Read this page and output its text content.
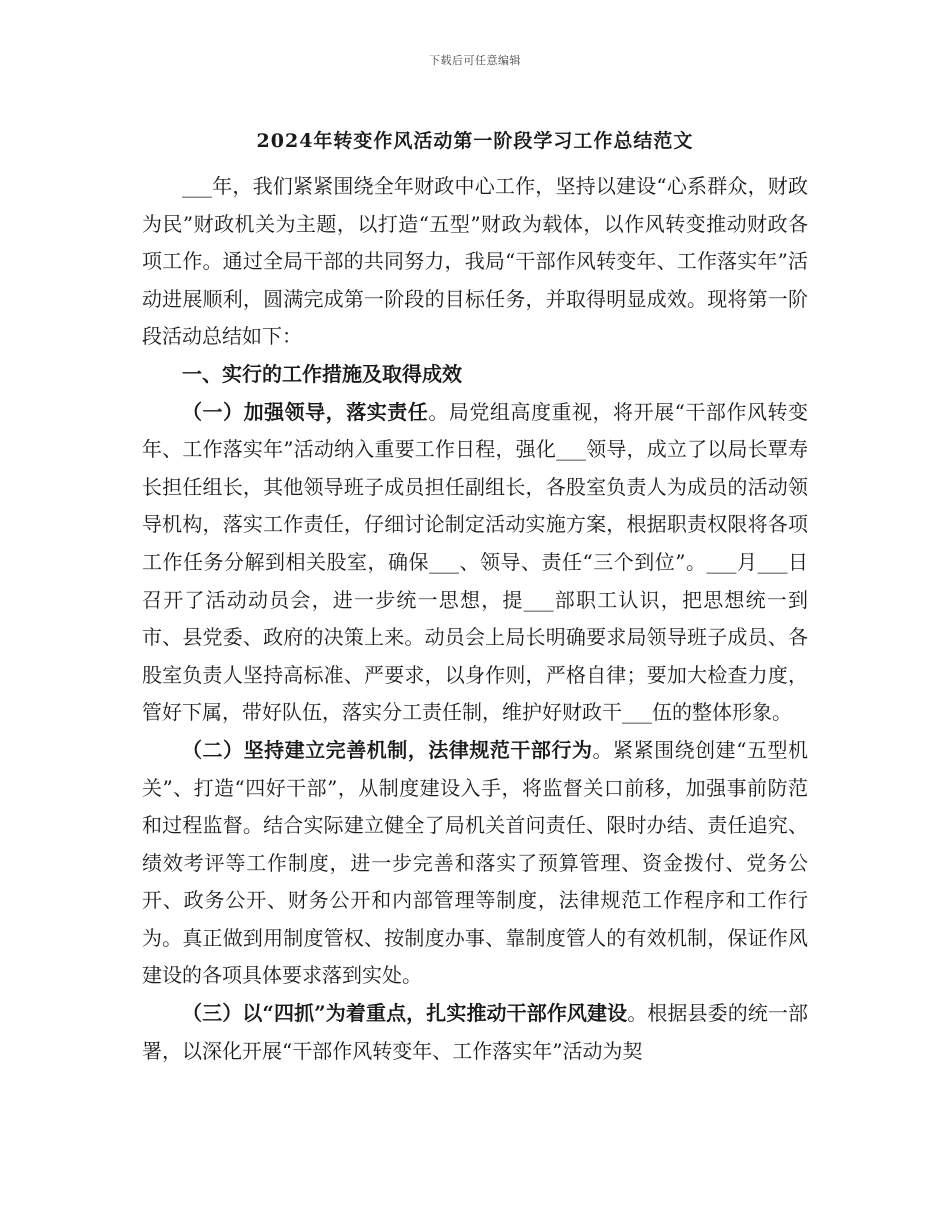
下载后可任意编辑
2024年转变作风活动第一阶段学习工作总结范文

___年，我们紧紧围绕全年财政中心工作，坚持以建设“心系群众，财政为民”财政机关为主题，以打造“五型”财政为载体，以作风转变推动财政各项工作。通过全局干部的共同努力，我局“干部作风转变年、工作落实年”活动进展顺利，圆满完成第一阶段的目标任务，并取得明显成效。现将第一阶段活动总结如下：

一、实行的工作措施及取得成效

（一）加强领导，落实责任。局党组高度重视，将开展“干部作风转变年、工作落实年”活动纳入重要工作日程，强化___领导，成立了以局长覃寿长担任组长，其他领导班子成员担任副组长，各股室负责人为成员的活动领导机构，落实工作责任，仔细讨论制定活动实施方案，根据职责权限将各项工作任务分解到相关股室，确保___、领导、责任“三个到位”。___月___日召开了活动动员会，进一步统一思想，提___部职工认识，把思想统一到市、县党委、政府的决策上来。动员会上局长明确要求局领导班子成员、各股室负责人坚持高标准、严要求，以身作则，严格自律；要加大检查力度，管好下属，带好队伍，落实分工责任制，维护好财政干___伍的整体形象。

（二）坚持建立完善机制，法律规范干部行为。紧紧围绕创建“五型机关”、打造“四好干部”，从制度建设入手，将监督关口前移，加强事前防范和过程监督。结合实际建立健全了局机关首问责任、限时办结、责任追究、绩效考评等工作制度，进一步完善和落实了预算管理、资金拨付、党务公开、政务公开、财务公开和内部管理等制度，法律规范工作程序和工作行为。真正做到用制度管权、按制度办事、靠制度管人的有效机制，保证作风建设的各项具体要求落到实处。

（三）以“四抓”为着重点，扎实推动干部作风建设。根据县委的统一部署，以深化开展“干部作风转变年、工作落实年”活动为契
